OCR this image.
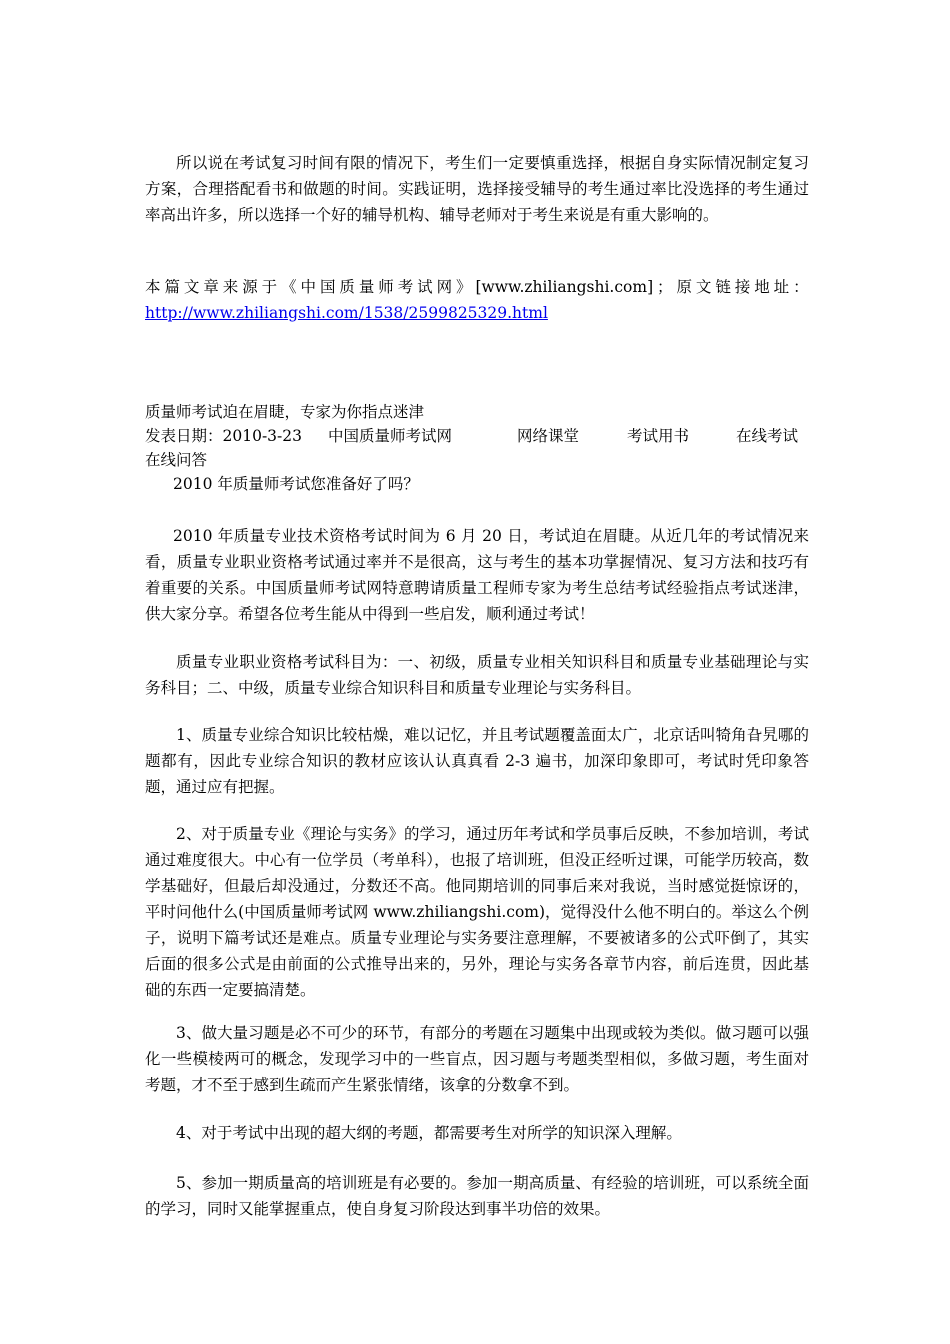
所以说在考试复习时间有限的情况下，考生们一定要慎重选择，根据自身实际情况制定复习方案，合理搭配看书和做题的时间。实践证明，选择接受辅导的考生通过率比没选择的考生通过率高出许多，所以选择一个好的辅导机构、辅导老师对于考生来说是有重大影响的。

本 篇 文 章 来 源 于 《 中 国 质 量 师 考 试 网 》 [www.zhiliangshi.com] ； 原 文 链 接 地 址 ：
http://www.zhiliangshi.com/1538/2599825329.html
质量师考试迫在眉睫，专家为你指点迷津
发表日期：2010-3-23	中国质量师考试网	网络课堂	考试用书	在线考试
在线问答
2010 年质量师考试您准备好了吗？

2010 年质量专业技术资格考试时间为 6 月 20 日，考试迫在眉睫。从近几年的考试情况来看，质量专业职业资格考试通过率并不是很高，这与考生的基本功掌握情况、复习方法和技巧有着重要的关系。中国质量师考试网特意聘请质量工程师专家为考生总结考试经验指点考试迷津，供大家分享。希望各位考生能从中得到一些启发，顺利通过考试！

质量专业职业资格考试科目为：一、初级，质量专业相关知识科目和质量专业基础理论与实务科目；二、中级，质量专业综合知识科目和质量专业理论与实务科目。

1、质量专业综合知识比较枯燥，难以记忆，并且考试题覆盖面太广，北京话叫犄角旮旯哪的题都有，因此专业综合知识的教材应该认认真真看 2-3 遍书，加深印象即可，考试时凭印象答题，通过应有把握。

2、对于质量专业《理论与实务》的学习，通过历年考试和学员事后反映，不参加培训，考试通过难度很大。中心有一位学员（考单科），也报了培训班，但没正经听过课，可能学历较高，数学基础好，但最后却没通过，分数还不高。他同期培训的同事后来对我说，当时感觉挺惊讶的，平时问他什么(中国质量师考试网 www.zhiliangshi.com)，觉得没什么他不明白的。举这么个例子，说明下篇考试还是难点。质量专业理论与实务要注意理解，不要被诸多的公式吓倒了，其实后面的很多公式是由前面的公式推导出来的，另外，理论与实务各章节内容，前后连贯，因此基础的东西一定要搞清楚。

3、做大量习题是必不可少的环节，有部分的考题在习题集中出现或较为类似。做习题可以强化一些模棱两可的概念，发现学习中的一些盲点，因习题与考题类型相似，多做习题，考生面对考题，才不至于感到生疏而产生紧张情绪，该拿的分数拿不到。

4、对于考试中出现的超大纲的考题，都需要考生对所学的知识深入理解。

5、参加一期质量高的培训班是有必要的。参加一期高质量、有经验的培训班，可以系统全面的学习，同时又能掌握重点，使自身复习阶段达到事半功倍的效果。
